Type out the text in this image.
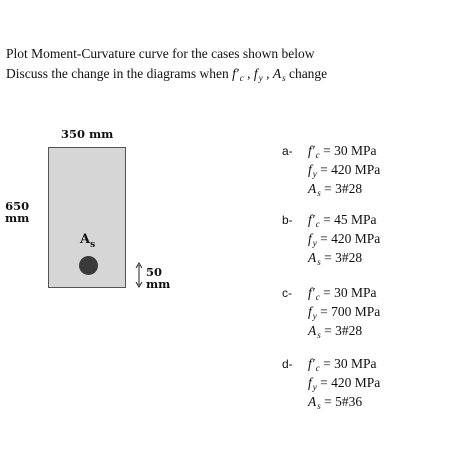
Plot Moment-Curvature curve for the cases shown below
Discuss the change in the diagrams when $f'_c$ , $f_y$ , $A_s$ change
350 mm
650
mm
$A_s$
50
mm
a-	$f'_c$
= 30 MPa
$f_y$
= 420 MPa
$A_s$
= 3#28
b-	$f'_c$
= 45 MPa
$f_y$
= 420 MPa
$A_s$
= 3#28
c-	$f'_c$
= 30 MPa
$f_y$
= 700 MPa
$A_s$
= 3#28
d-	$f'_c$
= 30 MPa
$f_y$
= 420 MPa
$A_s$
= 5#36
